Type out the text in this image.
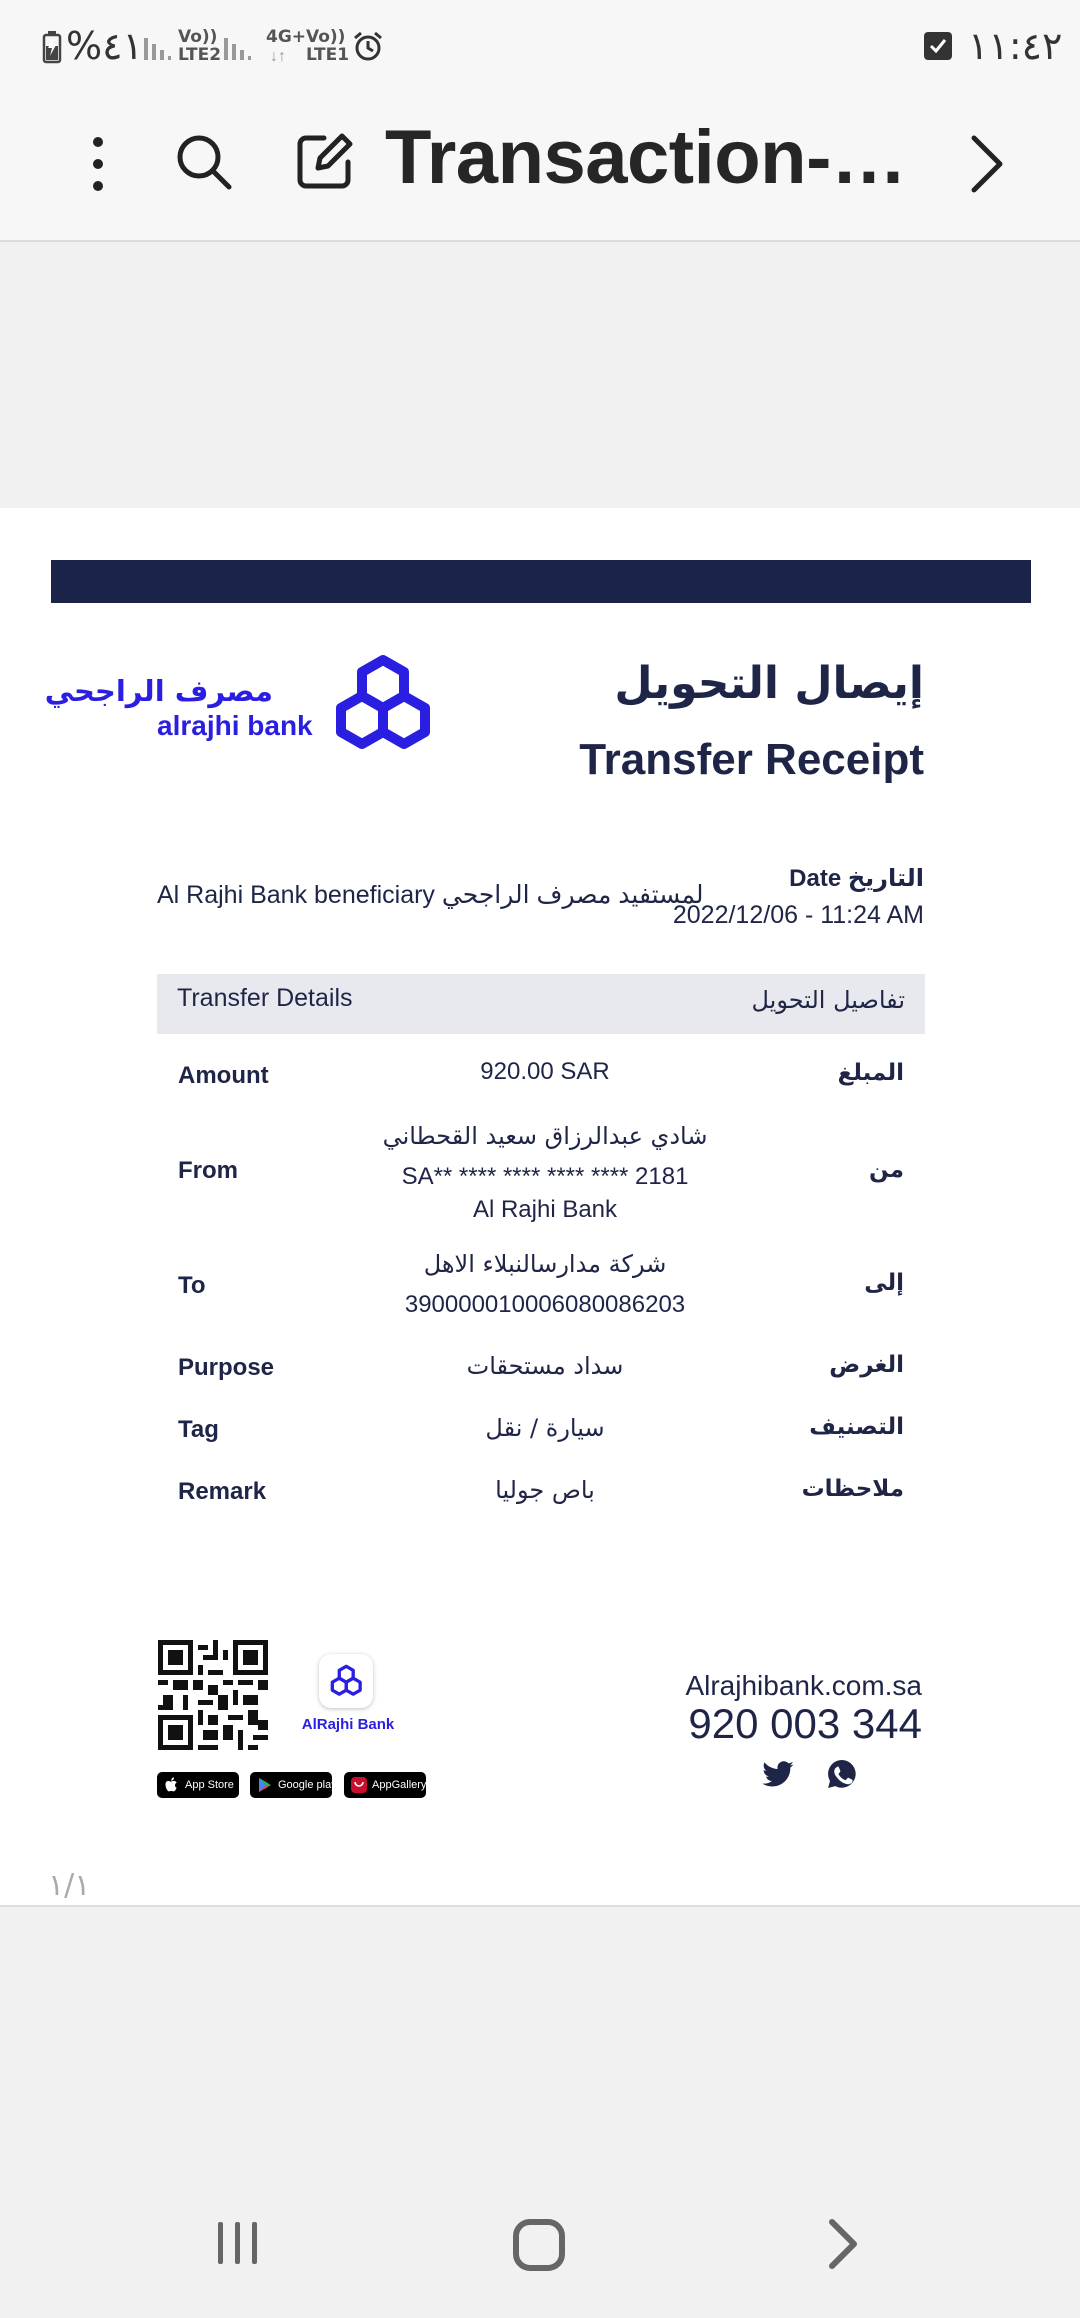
%٤١ Vo)) LTE2
4G+
↓↑
Vo)) LTE1	١١:٤٢
Transaction-…
مصرف الراجحي
alrajhi bank
إيصال التحويل
Transfer Receipt
Al Rajhi Bank beneficiary لمستفيد مصرف الراجحي
Date التاريخ
2022/12/06 - 11:24 AM
Transfer Details	تفاصيل التحويل
Amount	920.00 SAR	المبلغ
From
شادي عبدالرزاق سعيد القحطاني
SA** **** **** **** **** 2181
Al Rajhi Bank
من
To
شركة مدارسالنبلاء الاهل
390000010006080086203
إلى
Purpose	سداد مستحقات	الغرض
Tag	سيارة / نقل	التصنيف
Remark	باص جوليا	ملاحظات
AlRajhi Bank
App Store	Google play	AppGallery
Alrajhibank.com.sa
920 003 344
١/١
